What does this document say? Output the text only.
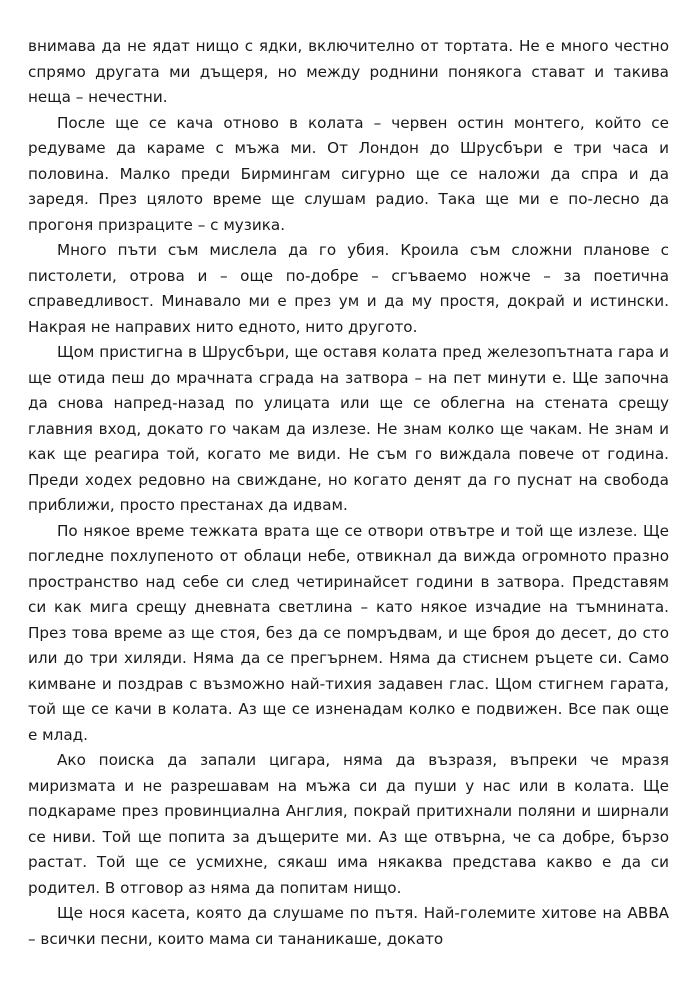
внимава да не ядат нищо с ядки, включително от тортата. Не е много честно спрямо другата ми дъщеря, но между роднини понякога стават и такива неща – нечестни.

После ще се кача отново в колата – червен остин монтего, който се редуваме да караме с мъжа ми. От Лондон до Шрусбъри е три часа и половина. Малко преди Бирмингам сигурно ще се наложи да спра и да заредя. През цялото време ще слушам радио. Така ще ми е по-лесно да прогоня призраците – с музика.

Много пъти съм мислела да го убия. Кроила съм сложни планове с пистолети, отрова и – още по-добре – сгъваемо ножче – за поетична справедливост. Минавало ми е през ум и да му простя, докрай и истински. Накрая не направих нито едното, нито другото.

Щом пристигна в Шрусбъри, ще оставя колата пред железопътната гара и ще отида пеш до мрачната сграда на затвора – на пет минути е. Ще започна да снова напред-назад по улицата или ще се облегна на стената срещу главния вход, докато го чакам да излезе. Не знам колко ще чакам. Не знам и как ще реагира той, когато ме види. Не съм го виждала повече от година. Преди ходех редовно на свиждане, но когато денят да го пуснат на свобода приближи, просто престанах да идвам.

По някое време тежката врата ще се отвори отвътре и той ще излезе. Ще погледне похлупеното от облаци небе, отвикнал да вижда огромното празно пространство над себе си след четиринайсет години в затвора. Представям си как мига срещу дневната светлина – като някое изчадие на тъмнината. През това време аз ще стоя, без да се помръдвам, и ще броя до десет, до сто или до три хиляди. Няма да се прегърнем. Няма да стиснем ръцете си. Само кимване и поздрав с възможно най-тихия задавен глас. Щом стигнем гарата, той ще се качи в колата. Аз ще се изненадам колко е подвижен. Все пак още е млад.

Ако поиска да запали цигара, няма да възразя, въпреки че мразя миризмата и не разрешавам на мъжа си да пуши у нас или в колата. Ще подкараме през провинциална Англия, покрай притихнали поляни и ширнали се ниви. Той ще попита за дъщерите ми. Аз ще отвърна, че са добре, бързо растат. Той ще се усмихне, сякаш има някаква представа какво е да си родител. В отговор аз няма да попитам нищо.

Ще нося касета, която да слушаме по пътя. Най-големите хитове на ABBA – всички песни, които мама си тананикаше, докато
